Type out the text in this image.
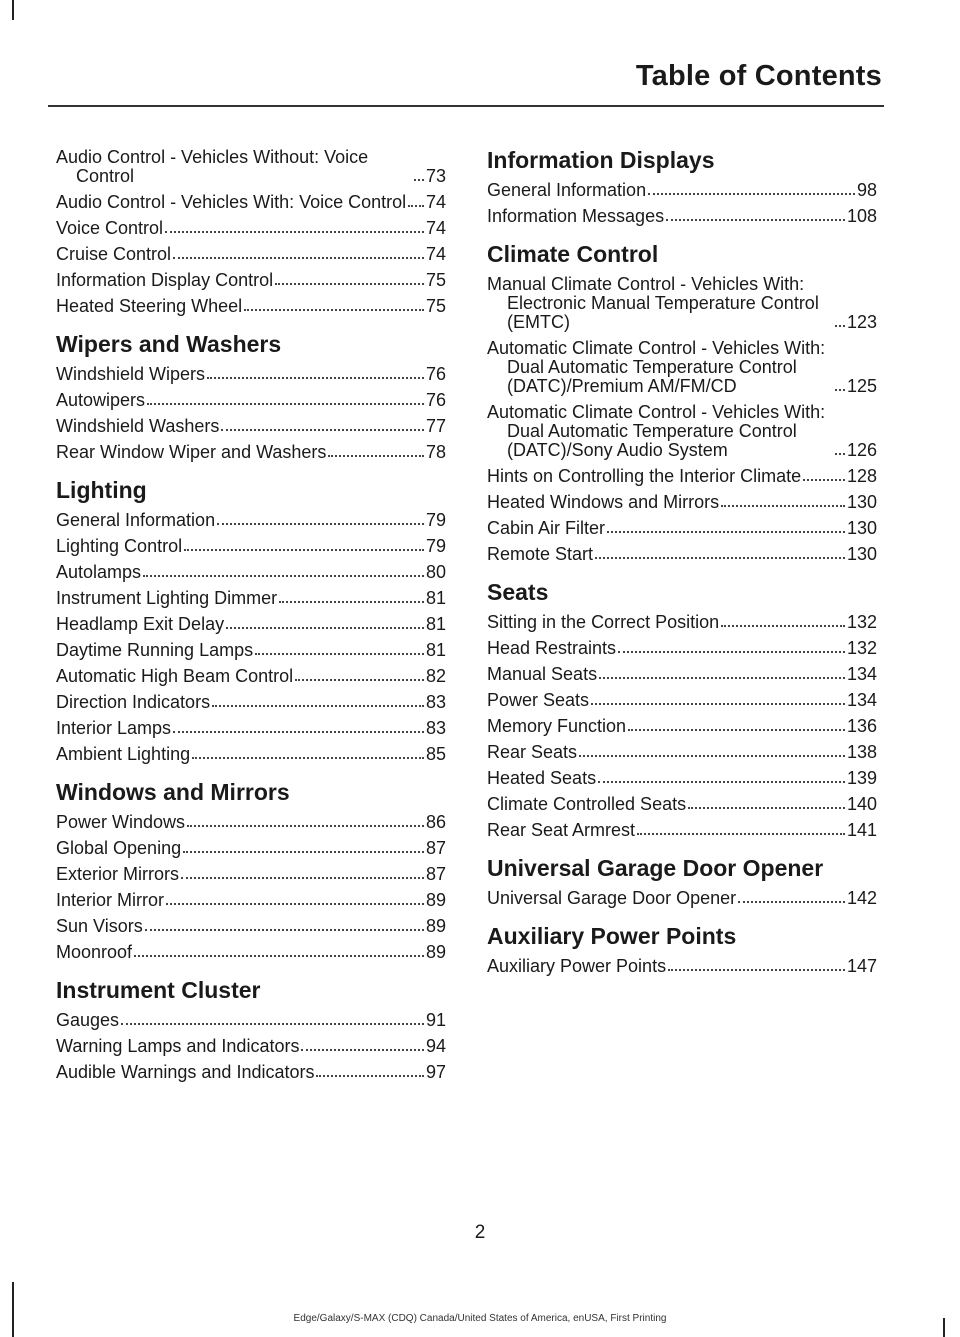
Table of Contents
Audio Control - Vehicles Without: Voice Control	73
Audio Control - Vehicles With: Voice Control 74
Voice Control	74
Cruise Control	74
Information Display Control	75
Heated Steering Wheel	75
Wipers and Washers
Windshield Wipers	76
Autowipers	76
Windshield Washers	77
Rear Window Wiper and Washers	78
Lighting
General Information	79
Lighting Control	79
Autolamps	80
Instrument Lighting Dimmer	81
Headlamp Exit Delay	81
Daytime Running Lamps	81
Automatic High Beam Control	82
Direction Indicators	83
Interior Lamps	83
Ambient Lighting	85
Windows and Mirrors
Power Windows	86
Global Opening	87
Exterior Mirrors	87
Interior Mirror	89
Sun Visors	89
Moonroof	89
Instrument Cluster
Gauges	91
Warning Lamps and Indicators	94
Audible Warnings and Indicators	97
Information Displays
General Information	98
Information Messages	108
Climate Control
Manual Climate Control - Vehicles With: Electronic Manual Temperature Control (EMTC)	123
Automatic Climate Control - Vehicles With: Dual Automatic Temperature Control (DATC)/Premium AM/FM/CD	125
Automatic Climate Control - Vehicles With: Dual Automatic Temperature Control (DATC)/Sony Audio System	126
Hints on Controlling the Interior Climate	128
Heated Windows and Mirrors	130
Cabin Air Filter	130
Remote Start	130
Seats
Sitting in the Correct Position	132
Head Restraints	132
Manual Seats	134
Power Seats	134
Memory Function	136
Rear Seats	138
Heated Seats	139
Climate Controlled Seats	140
Rear Seat Armrest	141
Universal Garage Door Opener
Universal Garage Door Opener	142
Auxiliary Power Points
Auxiliary Power Points	147
2
Edge/Galaxy/S-MAX (CDQ) Canada/United States of America, enUSA, First Printing
